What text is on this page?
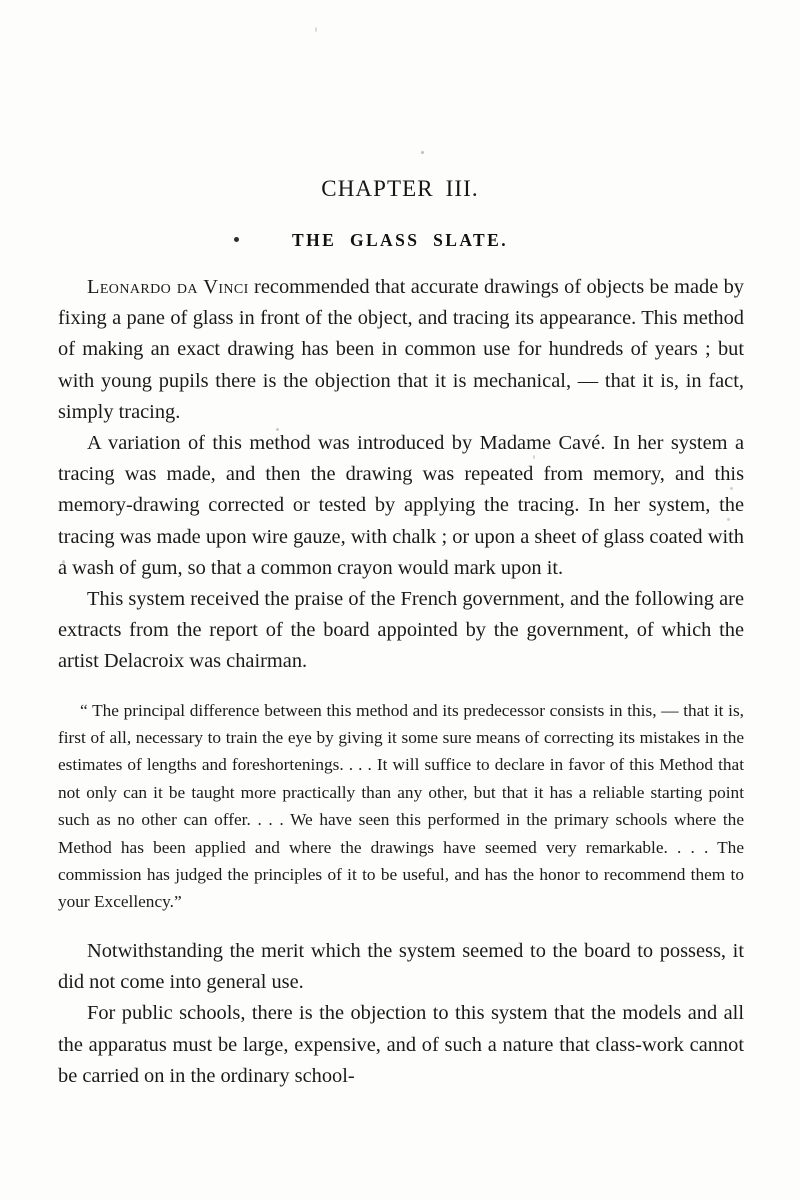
CHAPTER III.
THE GLASS SLATE.

Leonardo da Vinci recommended that accurate drawings of objects be made by fixing a pane of glass in front of the object, and tracing its appearance. This method of making an exact drawing has been in common use for hundreds of years ; but with young pupils there is the objection that it is mechanical, — that it is, in fact, simply tracing.

A variation of this method was introduced by Madame Cavé. In her system a tracing was made, and then the drawing was repeated from memory, and this memory-drawing corrected or tested by applying the tracing. In her system, the tracing was made upon wire gauze, with chalk ; or upon a sheet of glass coated with a wash of gum, so that a common crayon would mark upon it.

This system received the praise of the French government, and the following are extracts from the report of the board appointed by the government, of which the artist Delacroix was chairman.

“ The principal difference between this method and its predecessor consists in this, — that it is, first of all, necessary to train the eye by giving it some sure means of correcting its mistakes in the estimates of lengths and foreshortenings. . . . It will suffice to declare in favor of this Method that not only can it be taught more practically than any other, but that it has a reliable starting point such as no other can offer. . . . We have seen this performed in the primary schools where the Method has been applied and where the drawings have seemed very remarkable. . . . The commission has judged the principles of it to be useful, and has the honor to recommend them to your Excellency.”

Notwithstanding the merit which the system seemed to the board to possess, it did not come into general use.

For public schools, there is the objection to this system that the models and all the apparatus must be large, expensive, and of such a nature that class-work cannot be carried on in the ordinary school-
